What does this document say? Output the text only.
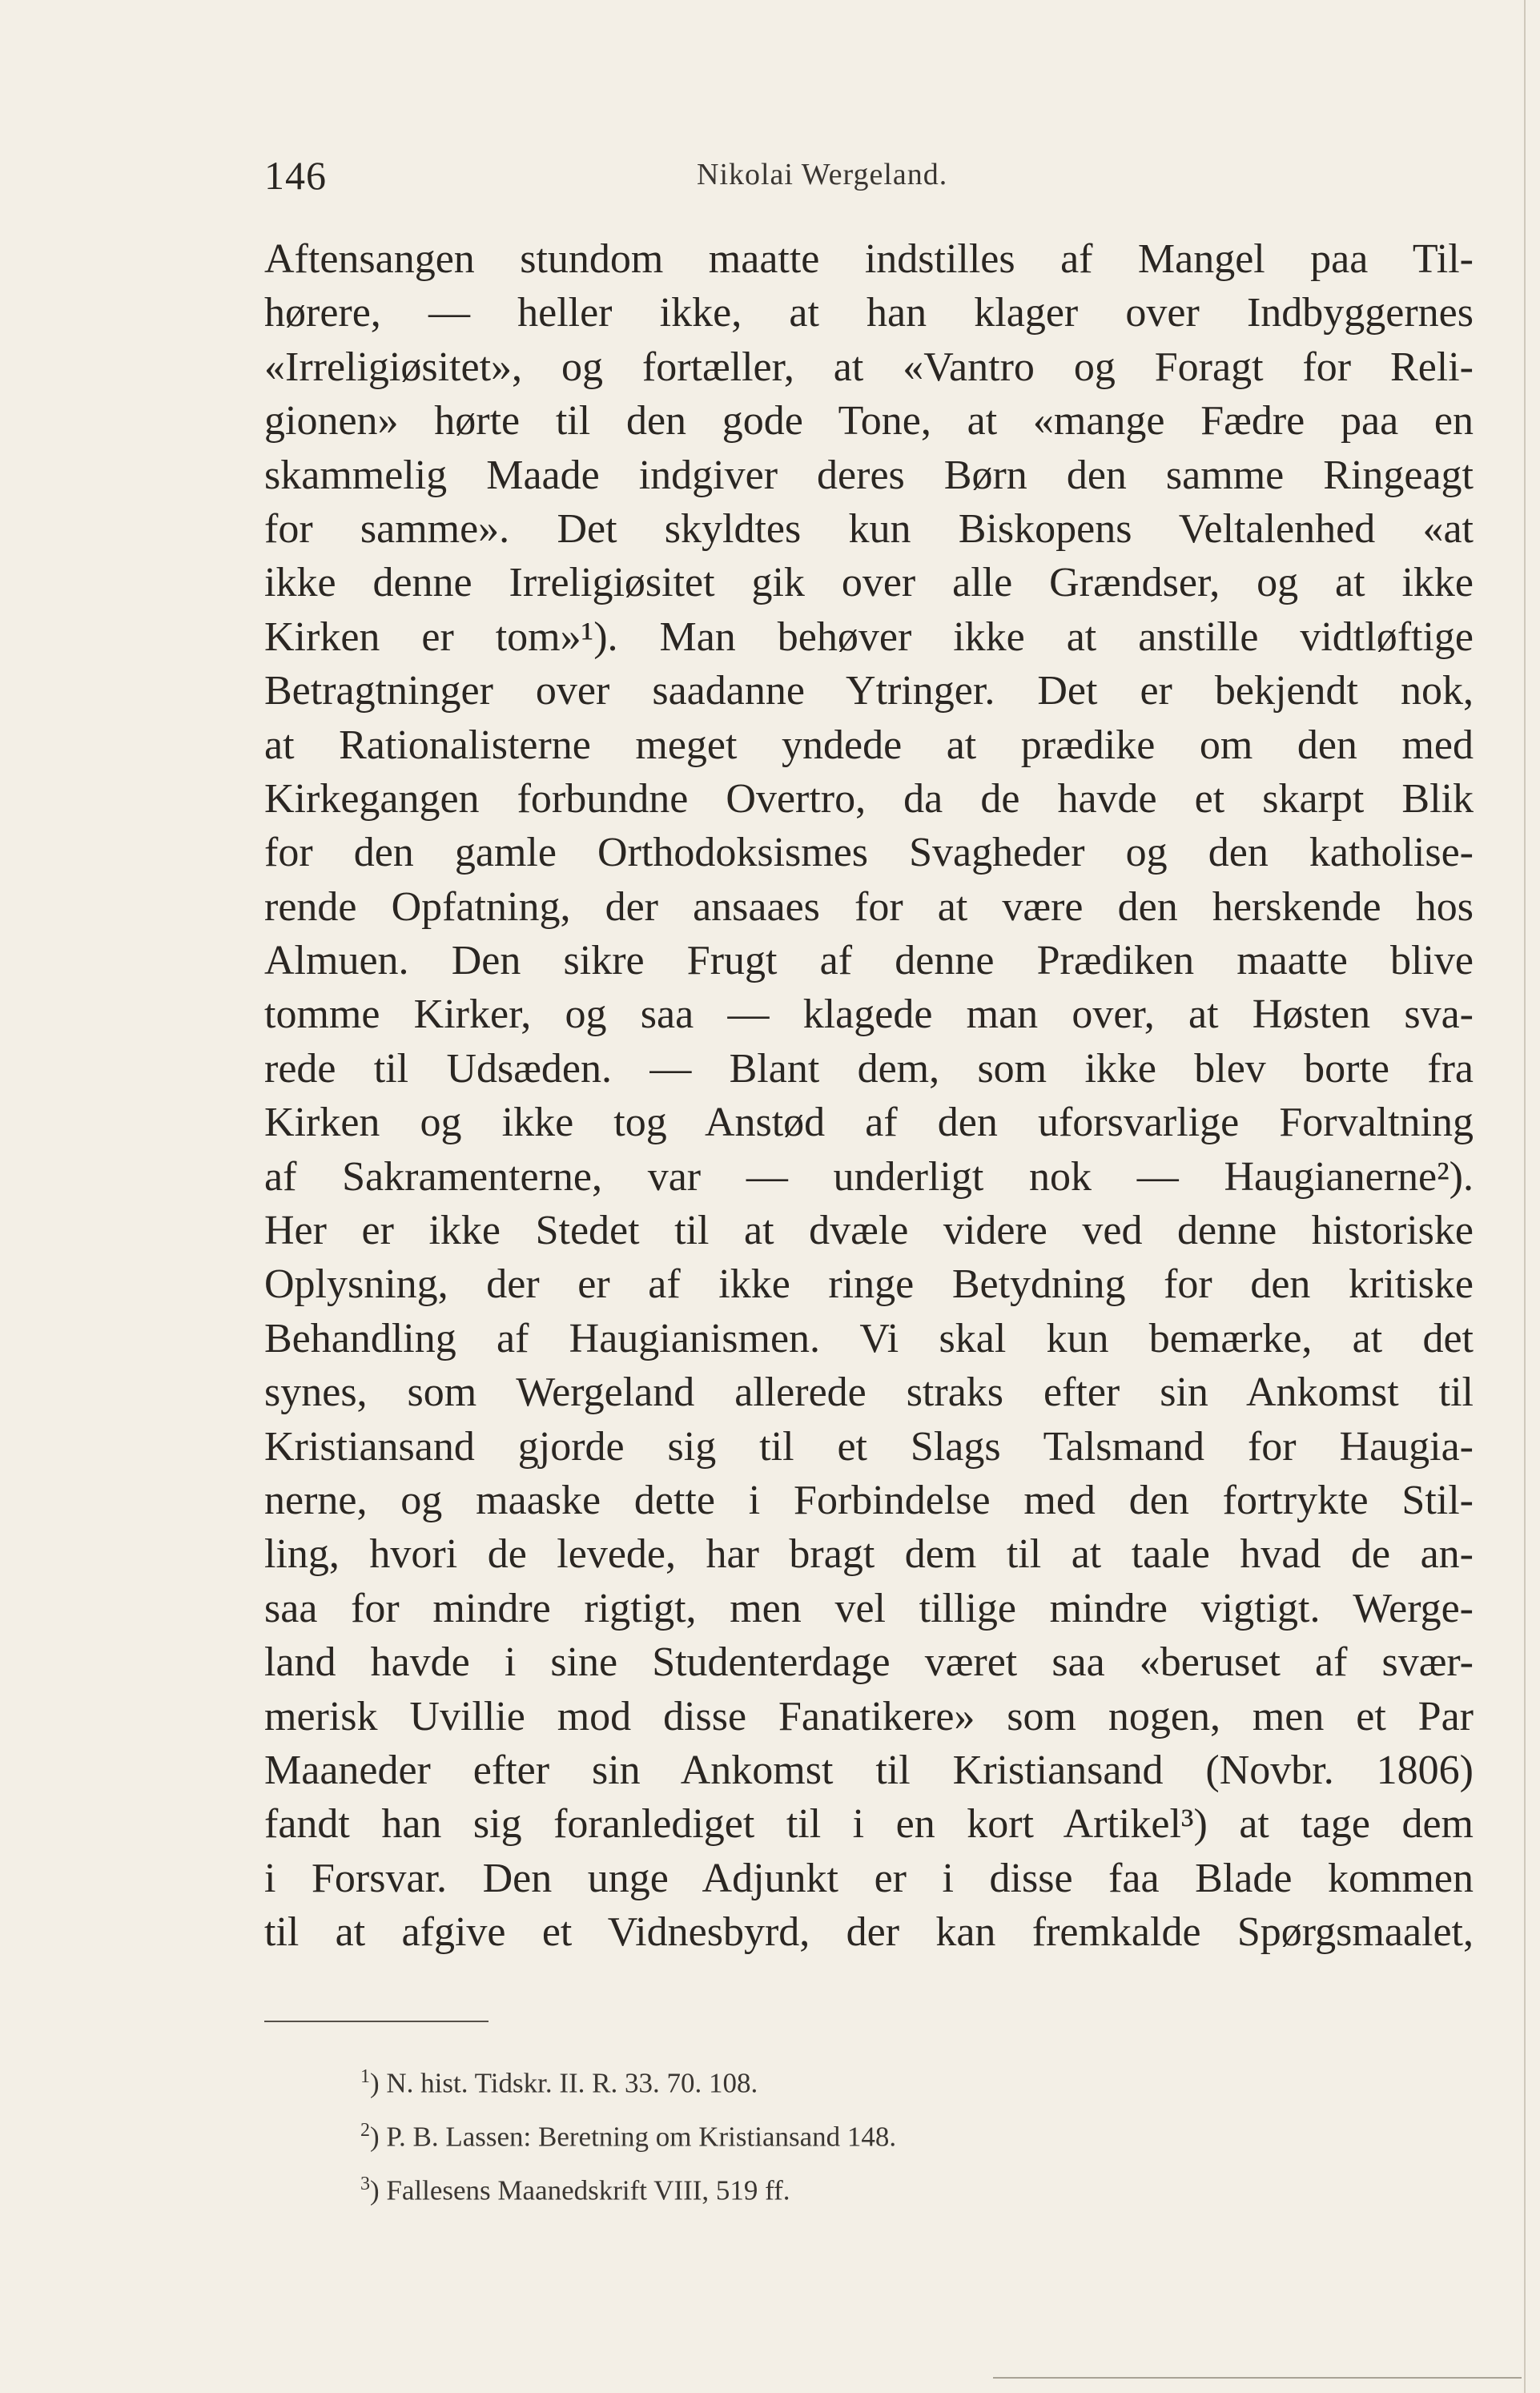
146	Nikolai Wergeland.
Aftensangen stundom maatte indstilles af Mangel paa Til-
hørere, — heller ikke, at han klager over Indbyggernes
«Irreligiøsitet», og fortæller, at «Vantro og Foragt for Reli-
gionen» hørte til den gode Tone, at «mange Fædre paa en
skammelig Maade indgiver deres Børn den samme Ringeagt
for samme». Det skyldtes kun Biskopens Veltalenhed «at
ikke denne Irreligiøsitet gik over alle Grændser, og at ikke
Kirken er tom»¹). Man behøver ikke at anstille vidtløftige
Betragtninger over saadanne Ytringer. Det er bekjendt nok,
at Rationalisterne meget yndede at prædike om den med
Kirkegangen forbundne Overtro, da de havde et skarpt Blik
for den gamle Orthodoksismes Svagheder og den katholise-
rende Opfatning, der ansaaes for at være den herskende hos
Almuen. Den sikre Frugt af denne Prædiken maatte blive
tomme Kirker, og saa — klagede man over, at Høsten sva-
rede til Udsæden. — Blant dem, som ikke blev borte fra
Kirken og ikke tog Anstød af den uforsvarlige Forvaltning
af Sakramenterne, var — underligt nok — Haugianerne²).
Her er ikke Stedet til at dvæle videre ved denne historiske
Oplysning, der er af ikke ringe Betydning for den kritiske
Behandling af Haugianismen. Vi skal kun bemærke, at det
synes, som Wergeland allerede straks efter sin Ankomst til
Kristiansand gjorde sig til et Slags Talsmand for Haugia-
nerne, og maaske dette i Forbindelse med den fortrykte Stil-
ling, hvori de levede, har bragt dem til at taale hvad de an-
saa for mindre rigtigt, men vel tillige mindre vigtigt. Werge-
land havde i sine Studenterdage været saa «beruset af svær-
merisk Uvillie mod disse Fanatikere» som nogen, men et Par
Maaneder efter sin Ankomst til Kristiansand (Novbr. 1806)
fandt han sig foranlediget til i en kort Artikel³) at tage dem
i Forsvar. Den unge Adjunkt er i disse faa Blade kommen
til at afgive et Vidnesbyrd, der kan fremkalde Spørgsmaalet,
$^1$) N. hist. Tidskr. II. R. 33. 70. 108.
$^2$) P. B. Lassen: Beretning om Kristiansand 148.
$^3$) Fallesens Maanedskrift VIII, 519 ff.
